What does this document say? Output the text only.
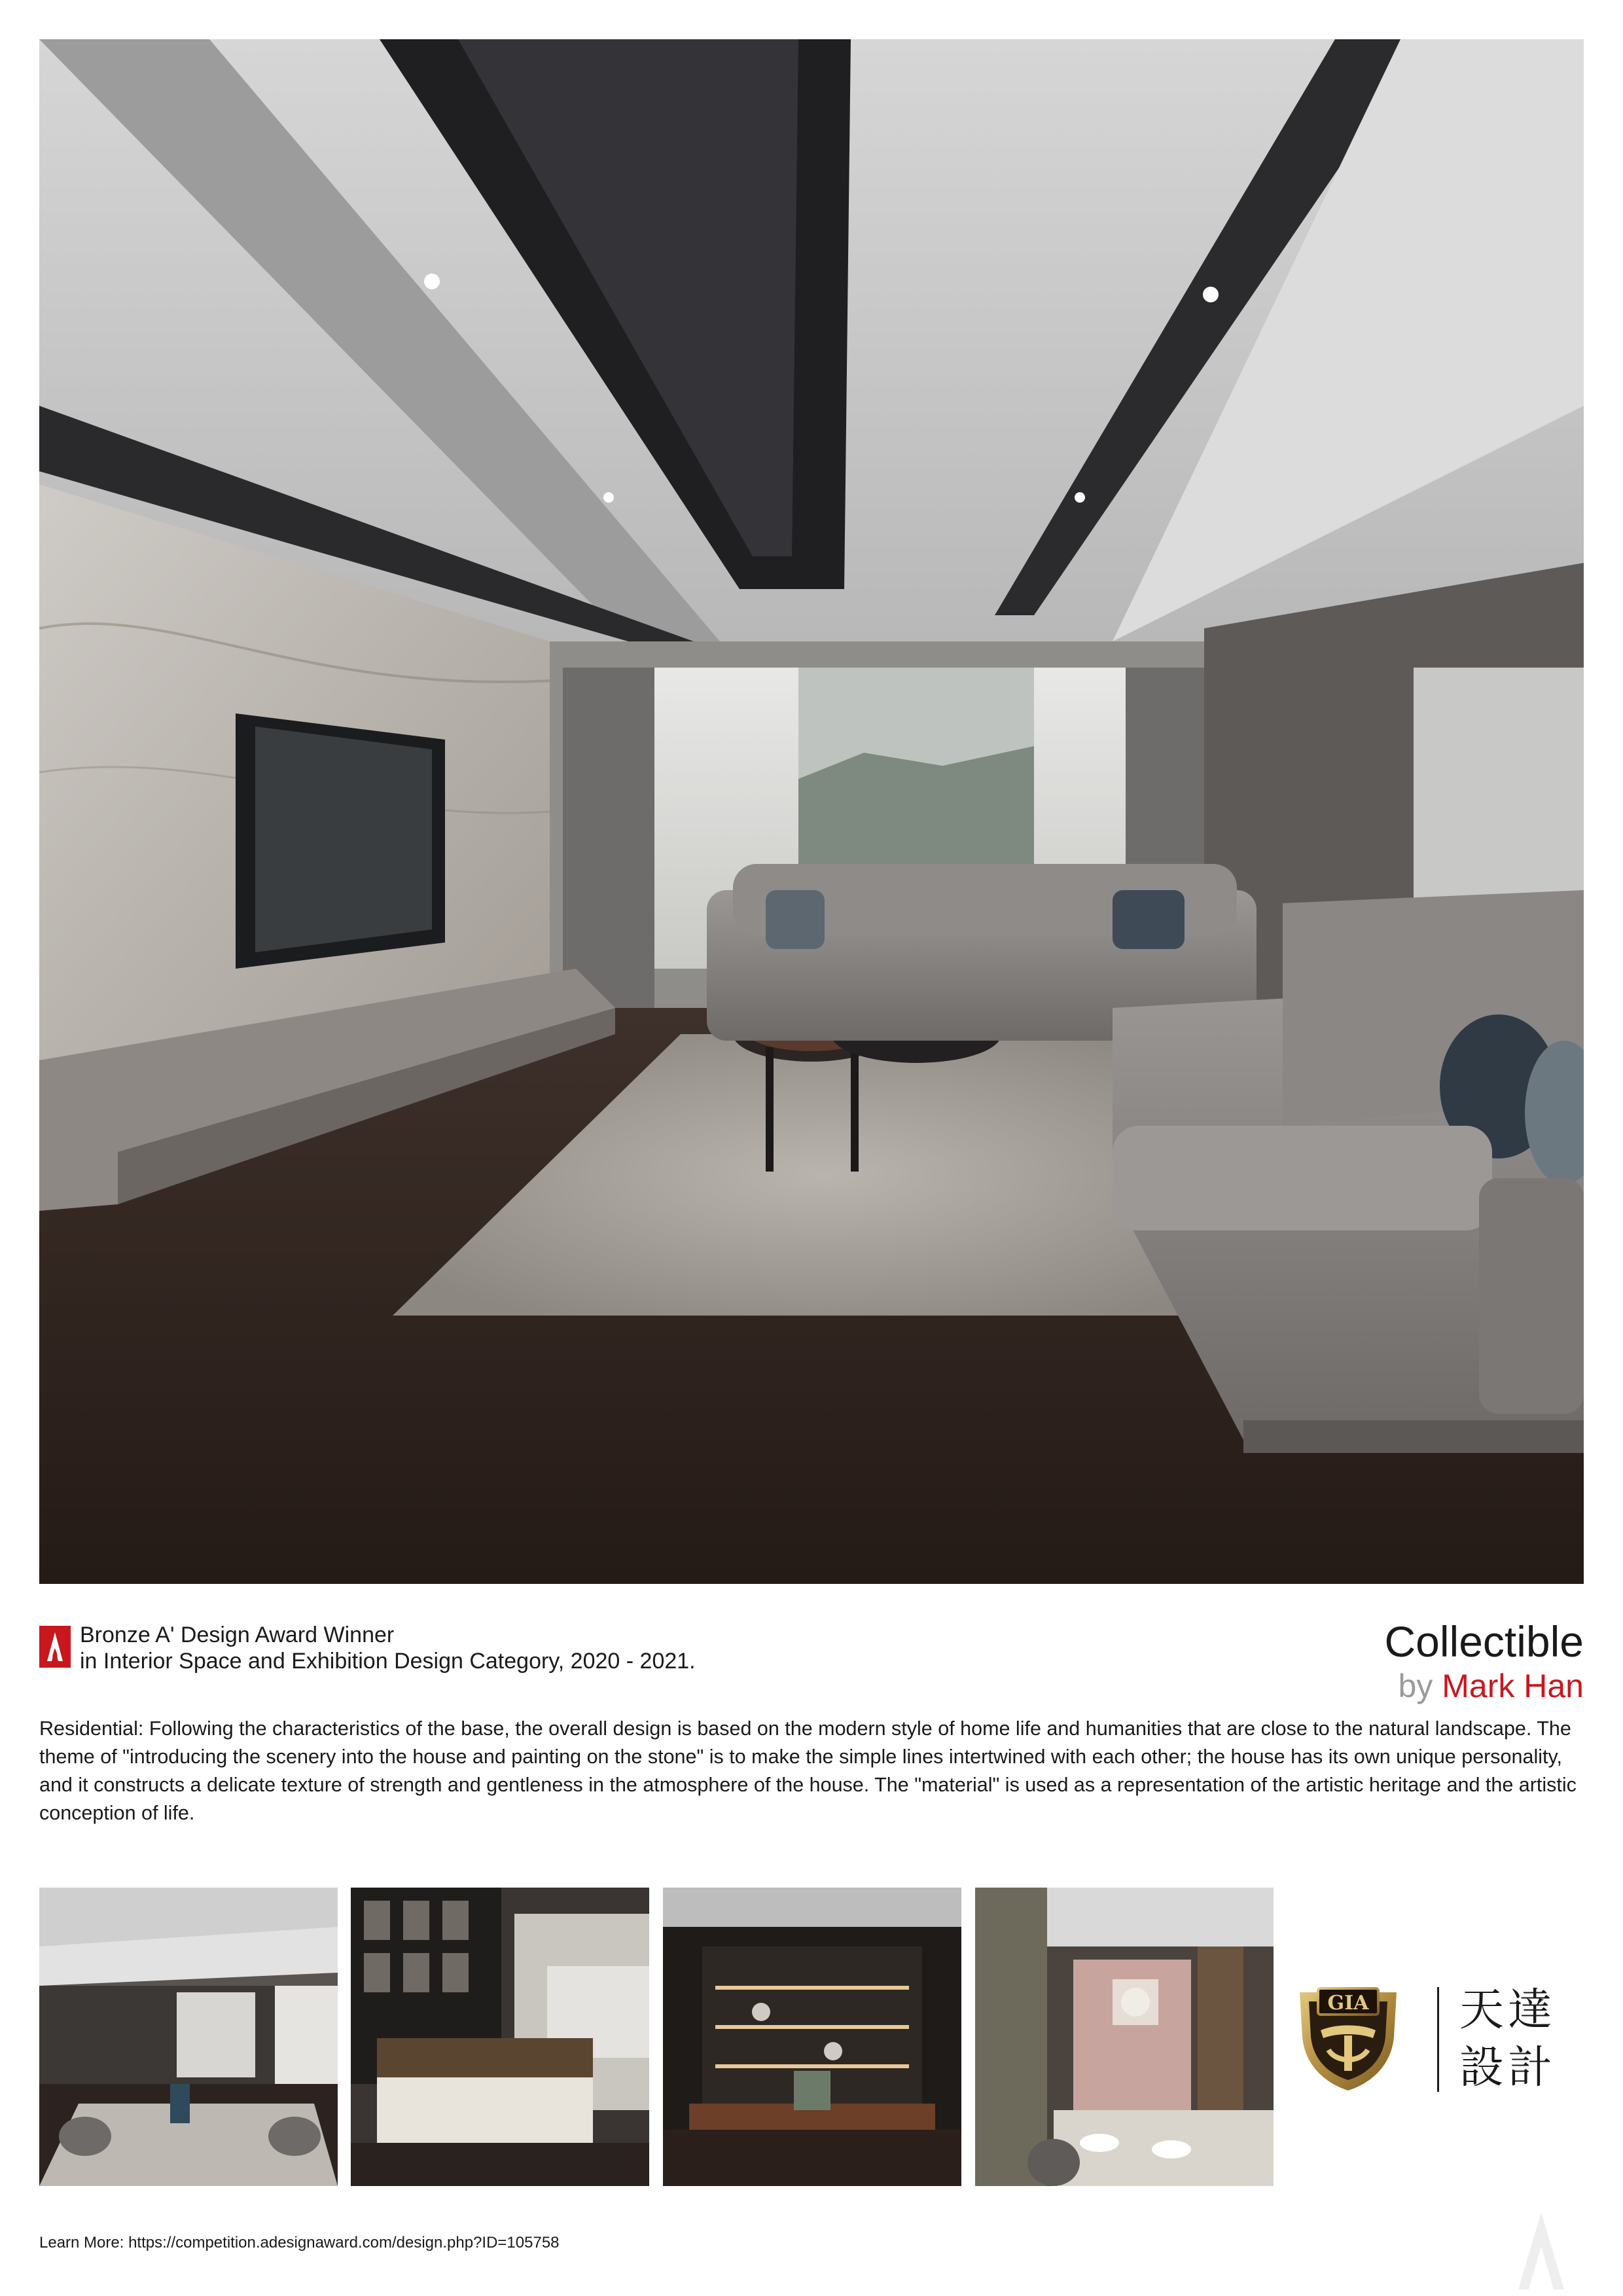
Bronze A' Design Award Winner
in Interior Space and Exhibition Design Category, 2020 - 2021.	Collectible
by Mark Han
Residential: Following the characteristics of the base, the overall design is based on the modern style of home life and humanities that are close to the natural landscape. The theme of "introducing the scenery into the house and painting on the stone" is to make the simple lines intertwined with each other; the house has its own unique personality, and it constructs a delicate texture of strength and gentleness in the atmosphere of the house. The "material" is used as a representation of the artistic heritage and the artistic conception of life.
GIA 天達
設計
Learn More: https://competition.adesignaward.com/design.php?ID=105758
